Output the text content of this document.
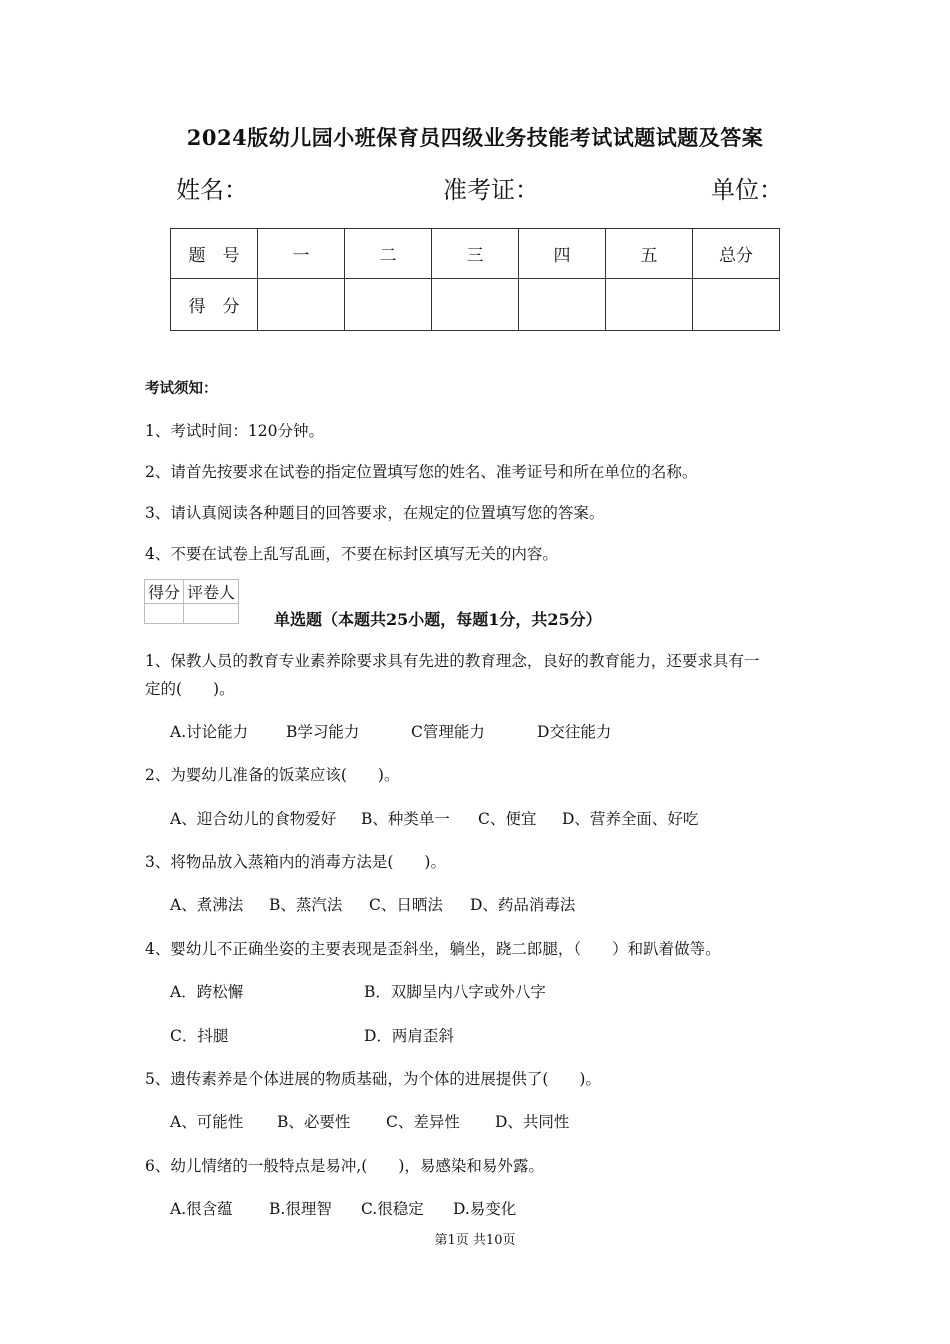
2024版幼儿园小班保育员四级业务技能考试试题试题及答案
姓名：	准考证：	单位：
题　号	一	二	三	四	五	总分
得　分						
考试须知：
1、考试时间：120分钟。
2、请首先按要求在试卷的指定位置填写您的姓名、准考证号和所在单位的名称。
3、请认真阅读各种题目的回答要求，在规定的位置填写您的答案。
4、不要在试卷上乱写乱画，不要在标封区填写无关的内容。
得分	评卷人

单选题（本题共25小题，每题1分，共25分）
1、保教人员的教育专业素养除要求具有先进的教育理念，良好的教育能力，还要求具有一
定的(　　)。
A.讨论能力 B学习能力	C管理能力	D交往能力
2、为婴幼儿准备的饭菜应该(　　)。
A、迎合幼儿的食物爱好 B、种类单一 C、便宜 D、营养全面、好吃
3、将物品放入蒸箱内的消毒方法是(　　)。
A、煮沸法 B、蒸汽法 C、日晒法 D、药品消毒法
4、婴幼儿不正确坐姿的主要表现是歪斜坐，躺坐，跷二郎腿，（　　）和趴着做等。
A．跨松懈	B．双脚呈内八字或外八字
C．抖腿	D．两肩歪斜
5、遗传素养是个体进展的物质基础，为个体的进展提供了(　　)。
A、可能性 B、必要性 C、差异性 D、共同性
6、幼儿情绪的一般特点是易冲,(　　)，易感染和易外露。
A.很含蕴 B.很理智 C.很稳定 D.易变化
第1页 共10页
